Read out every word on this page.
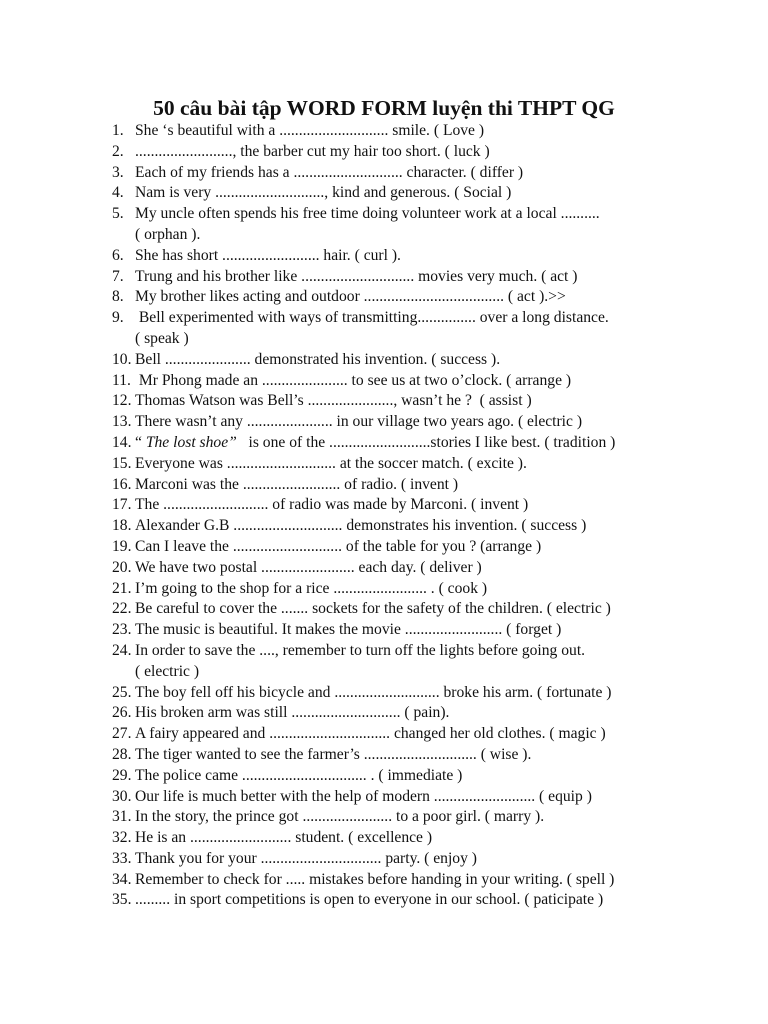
50 câu bài tập WORD FORM luyện thi THPT QG
1. She ‘s beautiful with a ............................ smile. ( Love )
2. ........................., the barber cut my hair too short. ( luck )
3. Each of my friends has a ............................ character. ( differ )
4. Nam is very ............................, kind and generous. ( Social )
5. My uncle often spends his free time doing volunteer work at a local ..........
( orphan ).
6. She has short ......................... hair. ( curl ).
7. Trung and his brother like ............................. movies very much. ( act )
8. My brother likes acting and outdoor .................................... ( act ).>>
9. Bell experimented with ways of transmitting............... over a long distance.
( speak )
10. Bell ...................... demonstrated his invention. ( success ).
11. Mr Phong made an ...................... to see us at two o’clock. ( arrange )
12. Thomas Watson was Bell’s ......................, wasn’t he ?  ( assist )
13. There wasn’t any ...................... in our village two years ago. ( electric )
14. “ The lost shoe”   is one of the ..........................stories I like best. ( tradition )
15. Everyone was ............................ at the soccer match. ( excite ).
16. Marconi was the ......................... of radio. ( invent )
17. The ........................... of radio was made by Marconi. ( invent )
18. Alexander G.B ............................ demonstrates his invention. ( success )
19. Can I leave the ............................ of the table for you ? (arrange )
20. We have two postal ........................ each day. ( deliver )
21. I’m going to the shop for a rice ........................ . ( cook )
22. Be careful to cover the ....... sockets for the safety of the children. ( electric )
23. The music is beautiful. It makes the movie ......................... ( forget )
24. In order to save the ...., remember to turn off the lights before going out.
( electric )
25. The boy fell off his bicycle and ........................... broke his arm. ( fortunate )
26. His broken arm was still ............................ ( pain).
27. A fairy appeared and ............................... changed her old clothes. ( magic )
28. The tiger wanted to see the farmer’s ............................. ( wise ).
29. The police came ................................ . ( immediate )
30. Our life is much better with the help of modern .......................... ( equip )
31. In the story, the prince got ....................... to a poor girl. ( marry ).
32. He is an .......................... student. ( excellence )
33. Thank you for your ............................... party. ( enjoy )
34. Remember to check for ..... mistakes before handing in your writing. ( spell )
35. ......... in sport competitions is open to everyone in our school. ( paticipate )
